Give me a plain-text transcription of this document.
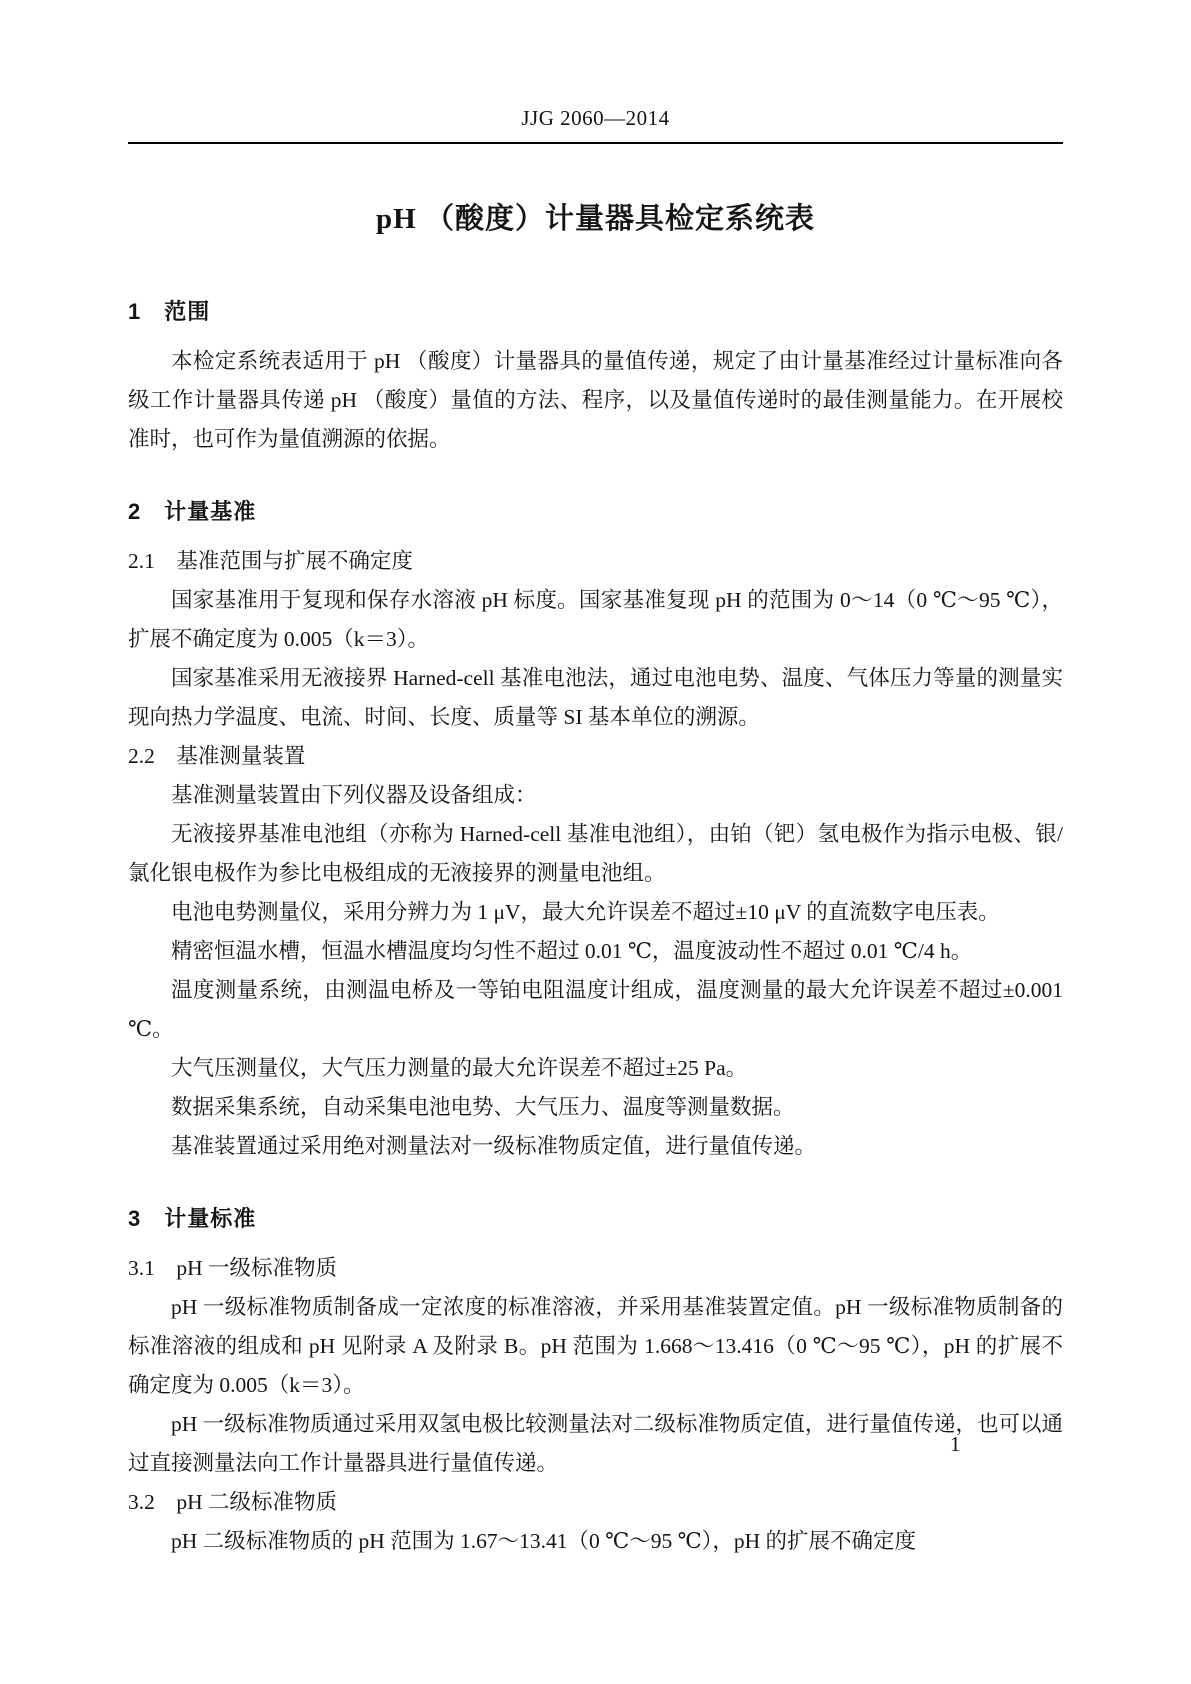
JJG 2060—2014
pH （酸度）计量器具检定系统表
1　范围

本检定系统表适用于 pH （酸度）计量器具的量值传递，规定了由计量基准经过计量标准向各级工作计量器具传递 pH （酸度）量值的方法、程序，以及量值传递时的最佳测量能力。在开展校准时，也可作为量值溯源的依据。

2　计量基准
2.1　基准范围与扩展不确定度

国家基准用于复现和保存水溶液 pH 标度。国家基准复现 pH 的范围为 0～14（0 ℃～95 ℃），扩展不确定度为 0.005（k＝3）。

国家基准采用无液接界 Harned-cell 基准电池法，通过电池电势、温度、气体压力等量的测量实现向热力学温度、电流、时间、长度、质量等 SI 基本单位的溯源。

2.2　基准测量装置

基准测量装置由下列仪器及设备组成：

无液接界基准电池组（亦称为 Harned-cell 基准电池组），由铂（钯）氢电极作为指示电极、银/氯化银电极作为参比电极组成的无液接界的测量电池组。

电池电势测量仪，采用分辨力为 1 μV，最大允许误差不超过±10 μV 的直流数字电压表。

精密恒温水槽，恒温水槽温度均匀性不超过 0.01 ℃，温度波动性不超过 0.01 ℃/4 h。

温度测量系统，由测温电桥及一等铂电阻温度计组成，温度测量的最大允许误差不超过±0.001 ℃。

大气压测量仪，大气压力测量的最大允许误差不超过±25 Pa。

数据采集系统，自动采集电池电势、大气压力、温度等测量数据。

基准装置通过采用绝对测量法对一级标准物质定值，进行量值传递。

3　计量标准
3.1　pH 一级标准物质

pH 一级标准物质制备成一定浓度的标准溶液，并采用基准装置定值。pH 一级标准物质制备的标准溶液的组成和 pH 见附录 A 及附录 B。pH 范围为 1.668～13.416（0 ℃～95 ℃），pH 的扩展不确定度为 0.005（k＝3）。

pH 一级标准物质通过采用双氢电极比较测量法对二级标准物质定值，进行量值传递，也可以通过直接测量法向工作计量器具进行量值传递。

3.2　pH 二级标准物质

pH 二级标准物质的 pH 范围为 1.67～13.41（0 ℃～95 ℃），pH 的扩展不确定度

1
